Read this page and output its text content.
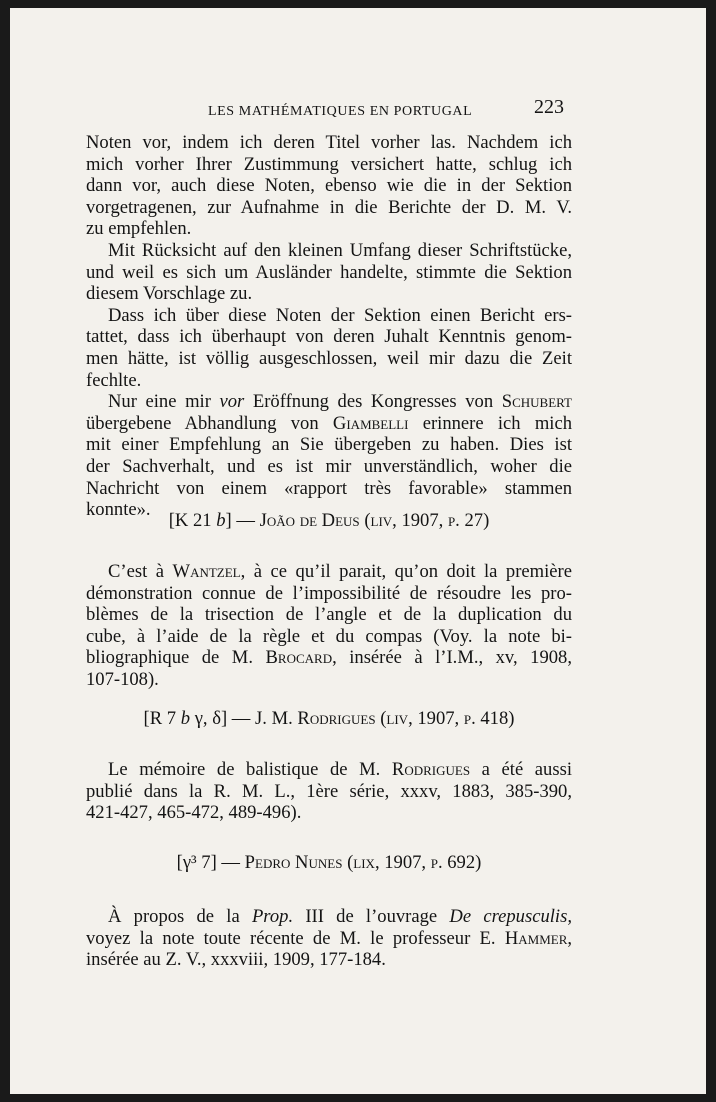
LES MATHÉMATIQUES EN PORTUGAL	223
Noten vor, indem ich deren Titel vorher las. Nachdem ich
mich vorher Ihrer Zustimmung versichert hatte, schlug ich
dann vor, auch diese Noten, ebenso wie die in der Sektion
vorgetragenen, zur Aufnahme in die Berichte der D. M. V.
zu empfehlen.
Mit Rücksicht auf den kleinen Umfang dieser Schriftstücke,
und weil es sich um Ausländer handelte, stimmte die Sektion
diesem Vorschlage zu.
Dass ich über diese Noten der Sektion einen Bericht ers-
tattet, dass ich überhaupt von deren Juhalt Kenntnis genom-
men hätte, ist völlig ausgeschlossen, weil mir dazu die Zeit
fechlte.
Nur eine mir vor Eröffnung des Kongresses von Schubert
übergebene Abhandlung von Giambelli erinnere ich mich
mit einer Empfehlung an Sie übergeben zu haben. Dies ist
der Sachverhalt, und es ist mir unverständlich, woher die
Nachricht von einem «rapport très favorable» stammen
konnte».
[K 21 b] — João de Deus (liv, 1907, p. 27)
C’est à Wantzel, à ce qu’il parait, qu’on doit la première
démonstration connue de l’impossibilité de résoudre les pro-
blèmes de la trisection de l’angle et de la duplication du
cube, à l’aide de la règle et du compas (Voy. la note bi-
bliographique de M. Brocard, insérée à l’I.M., xv, 1908,
107-108).
[R 7 b γ, δ] — J. M. Rodrigues (liv, 1907, p. 418)
Le mémoire de balistique de M. Rodrigues a été aussi
publié dans la R. M. L., 1ère série, xxxv, 1883, 385-390,
421-427, 465-472, 489-496).
[γ³ 7] — Pedro Nunes (lix, 1907, p. 692)
À propos de la Prop. III de l’ouvrage De crepusculis,
voyez la note toute récente de M. le professeur E. Hammer,
insérée au Z. V., xxxviii, 1909, 177-184.
